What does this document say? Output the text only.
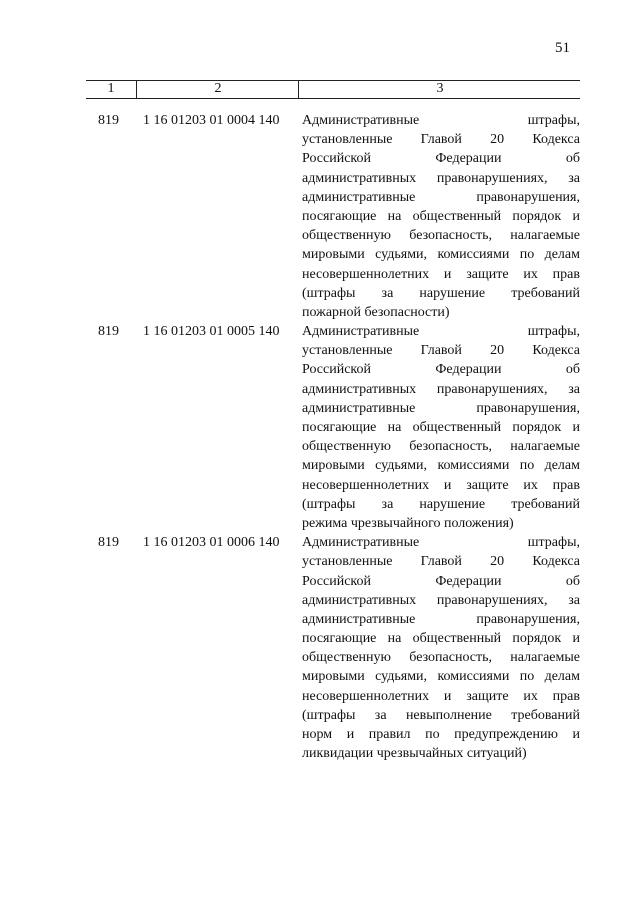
51
1	2	3
819 1 16 01203 01 0004 140 Административные штрафы,
установленные Главой 20 Кодекса
Российской Федерации об
административных правонарушениях, за
административные правонарушения,
посягающие на общественный порядок и
общественную безопасность, налагаемые
мировыми судьями, комиссиями по делам
несовершеннолетних и защите их прав
(штрафы за нарушение требований
пожарной безопасности)
819 1 16 01203 01 0005 140 Административные штрафы,
установленные Главой 20 Кодекса
Российской Федерации об
административных правонарушениях, за
административные правонарушения,
посягающие на общественный порядок и
общественную безопасность, налагаемые
мировыми судьями, комиссиями по делам
несовершеннолетних и защите их прав
(штрафы за нарушение требований
режима чрезвычайного положения)
819 1 16 01203 01 0006 140 Административные штрафы,
установленные Главой 20 Кодекса
Российской Федерации об
административных правонарушениях, за
административные правонарушения,
посягающие на общественный порядок и
общественную безопасность, налагаемые
мировыми судьями, комиссиями по делам
несовершеннолетних и защите их прав
(штрафы за невыполнение требований
норм и правил по предупреждению и
ликвидации чрезвычайных ситуаций)
